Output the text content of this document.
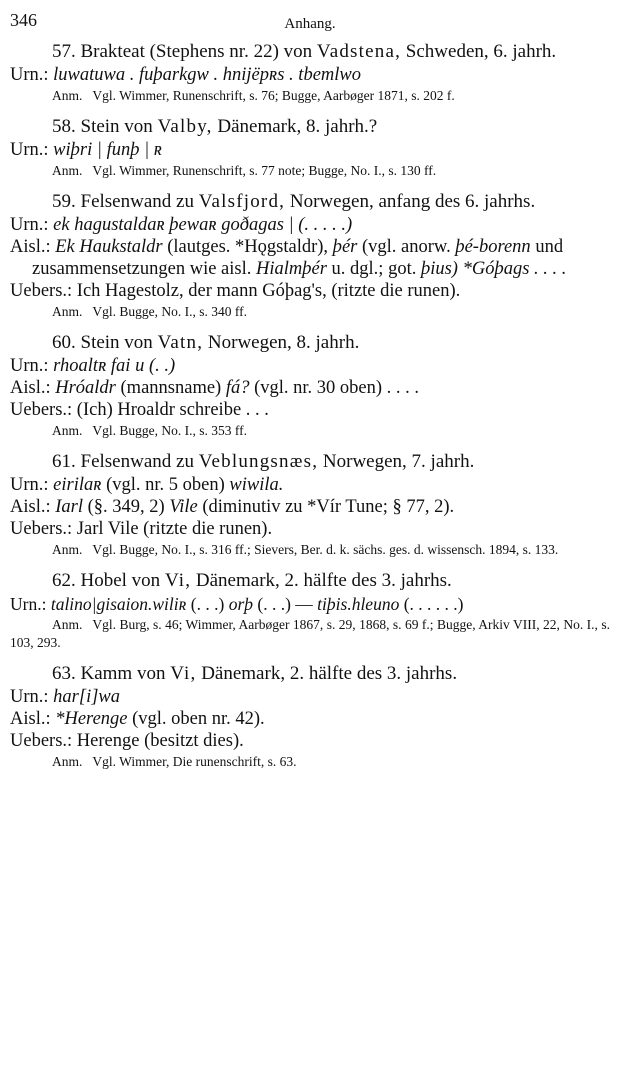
346	Anhang.

57. Brakteat (Stephens nr. 22) von Vadstena, Schweden, 6. jahrh.

Urn.: luwatuwa . fuþarkgw . hnijëpʀs . tbemlwo

Anm. Vgl. Wimmer, Runenschrift, s. 76; Bugge, Aarbøger 1871, s. 202 f.

58. Stein von Valby, Dänemark, 8. jahrh.?

Urn.: wiþri | funþ | ʀ

Anm. Vgl. Wimmer, Runenschrift, s. 77 note; Bugge, No. I., s. 130 ff.

59. Felsenwand zu Valsfjord, Norwegen, anfang des 6. jahrhs.

Urn.: ek hagustaldaʀ þewaʀ goðagas | (. . . . .)

Aisl.: Ek Haukstaldr (lautges. *Hǫgstaldr), þér (vgl. anorw. þé-borenn und zusammensetzungen wie aisl. Hialmþér u. dgl.; got. þius) *Góþags . . . .

Uebers.: Ich Hagestolz, der mann Góþag's, (ritzte die runen).

Anm. Vgl. Bugge, No. I., s. 340 ff.

60. Stein von Vatn, Norwegen, 8. jahrh.

Urn.: rhoaltʀ fai u (. .)

Aisl.: Hróaldr (mannsname) fá? (vgl. nr. 30 oben) . . . .

Uebers.: (Ich) Hroaldr schreibe . . .

Anm. Vgl. Bugge, No. I., s. 353 ff.

61. Felsenwand zu Veblungsnæs, Norwegen, 7. jahrh.

Urn.: eirilaʀ (vgl. nr. 5 oben) wiwila.

Aisl.: Iarl (§. 349, 2) Vile (diminutiv zu *Vír Tune; § 77, 2).

Uebers.: Jarl Vile (ritzte die runen).

Anm. Vgl. Bugge, No. I., s. 316 ff.; Sievers, Ber. d. k. sächs. ges. d. wissensch. 1894, s. 133.

62. Hobel von Vi, Dänemark, 2. hälfte des 3. jahrhs.

Urn.: talino|gisaion.wiliʀ (. . .) orþ (. . .) — tiþis.hleuno (. . . . . .)

Anm. Vgl. Burg, s. 46; Wimmer, Aarbøger 1867, s. 29, 1868, s. 69 f.; Bugge, Arkiv VIII, 22, No. I., s. 103, 293.

63. Kamm von Vi, Dänemark, 2. hälfte des 3. jahrhs.

Urn.: har[i]wa

Aisl.: *Herenge (vgl. oben nr. 42).

Uebers.: Herenge (besitzt dies).

Anm. Vgl. Wimmer, Die runenschrift, s. 63.
